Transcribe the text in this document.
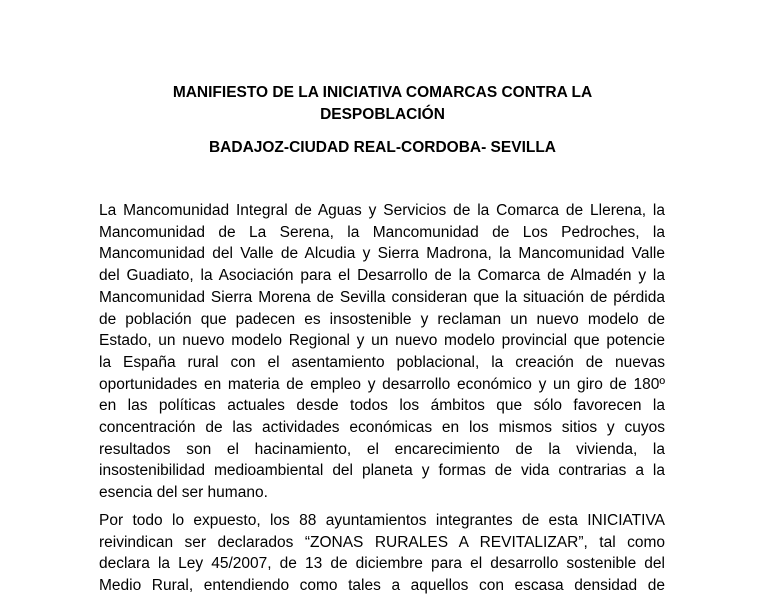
MANIFIESTO DE LA INICIATIVA COMARCAS CONTRA LA

DESPOBLACIÓN

BADAJOZ-CIUDAD REAL-CORDOBA- SEVILLA

La Mancomunidad Integral de Aguas y Servicios de la Comarca de Llerena, la
Mancomunidad de La Serena, la Mancomunidad de Los Pedroches, la
Mancomunidad del Valle de Alcudia y Sierra Madrona, la Mancomunidad Valle
del Guadiato, la Asociación para el Desarrollo de la Comarca de Almadén y la
Mancomunidad Sierra Morena de Sevilla consideran que la situación de pérdida
de población que padecen es insostenible y reclaman un nuevo modelo de
Estado, un nuevo modelo Regional y un nuevo modelo provincial que potencie
la España rural con el asentamiento poblacional, la creación de nuevas
oportunidades en materia de empleo y desarrollo económico y un giro de 180º
en las políticas actuales desde todos los ámbitos que sólo favorecen la
concentración de las actividades económicas en los mismos sitios y cuyos
resultados son el hacinamiento, el encarecimiento de la vivienda, la
insostenibilidad medioambiental del planeta y formas de vida contrarias a la
esencia del ser humano.
Por todo lo expuesto, los 88 ayuntamientos integrantes de esta INICIATIVA
reivindican ser declarados “ZONAS RURALES A REVITALIZAR”, tal como
declara la Ley 45/2007, de 13 de diciembre para el desarrollo sostenible del
Medio Rural, entendiendo como tales a aquellos con escasa densidad de
